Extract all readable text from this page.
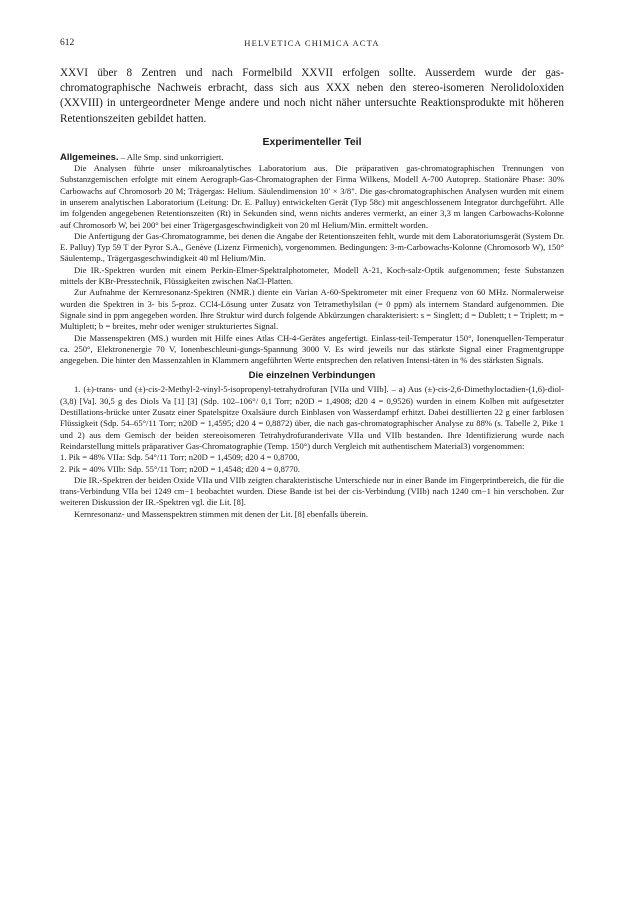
612	HELVETICA CHIMICA ACTA

XXVI über 8 Zentren und nach Formelbild XXVII erfolgen sollte. Ausserdem wurde der gas-chromatographische Nachweis erbracht, dass sich aus XXX neben den stereo-isomeren Nerolidoloxiden (XXVIII) in untergeordneter Menge andere und noch nicht näher untersuchte Reaktionsprodukte mit höheren Retentionszeiten gebildet hatten.

Experimenteller Teil

Allgemeines. – Alle Smp. sind unkorrigiert.

Die Analysen führte unser mikroanalytisches Laboratorium aus. Die präparativen gas-chromatographischen Trennungen von Substanzgemischen erfolgte mit einem Aerograph-Gas-Chromatographen der Firma Wilkens, Modell A-700 Autoprep. Stationäre Phase: 30% Carbowachs auf Chromosorb 20 M; Trägergas: Helium. Säulendimension 10' × 3/8". Die gas-chromatographischen Analysen wurden mit einem in unserem analytischen Laboratorium (Leitung: Dr. E. Palluy) entwickelten Gerät (Typ 58c) mit angeschlossenem Integrator durchgeführt. Alle im folgenden angegebenen Retentionszeiten (Rt) in Sekunden sind, wenn nichts anderes vermerkt, an einer 3,3 m langen Carbowachs-Kolonne auf Chromosorb W, bei 200° bei einer Trägergasgeschwindigkeit von 20 ml Helium/Min. ermittelt worden.

Die Anfertigung der Gas-Chromatogramme, bei denen die Angabe der Retentionszeiten fehlt, wurde mit dem Laboratoriumsgerät (System Dr. E. Palluy) Typ 59 T der Pyror S.A., Genève (Lizenz Firmenich), vorgenommen. Bedingungen: 3-m-Carbowachs-Kolonne (Chromosorb W), 150° Säulentemp., Trägergasgeschwindigkeit 40 ml Helium/Min.

Die IR.-Spektren wurden mit einem Perkin-Elmer-Spektralphotometer, Modell A-21, Koch-salz-Optik aufgenommen; feste Substanzen mittels der KBr-Presstechnik, Flüssigkeiten zwischen NaCl-Platten.

Zur Aufnahme der Kernresonanz-Spektren (NMR.) diente ein Varian A-60-Spektrometer mit einer Frequenz von 60 MHz. Normalerweise wurden die Spektren in 3- bis 5-proz. CCl4-Lösung unter Zusatz von Tetramethylsilan (= 0 ppm) als internem Standard aufgenommen. Die Signale sind in ppm angegeben worden. Ihre Struktur wird durch folgende Abkürzungen charakterisiert: s = Singlett; d = Dublett; t = Triplett; m = Multiplett; b = breites, mehr oder weniger strukturiertes Signal.

Die Massenspektren (MS.) wurden mit Hilfe eines Atlas CH-4-Gerätes angefertigt. Einlass-teil-Temperatur 150°, Ionenquellen-Temperatur ca. 250°, Elektronenergie 70 V, Ionenbeschleuni-gungs-Spannung 3000 V. Es wird jeweils nur das stärkste Signal einer Fragmentgruppe angegeben. Die hinter den Massenzahlen in Klammern angeführten Werte entsprechen den relativen Intensi-täten in % des stärksten Signals.

Die einzelnen Verbindungen

1. (±)-trans- und (±)-cis-2-Methyl-2-vinyl-5-isopropenyl-tetrahydrofuran [VIIa und VIIb]. – a) Aus (±)-cis-2,6-Dimethyloctadien-(1,6)-diol-(3,8) [Va]. 30,5 g des Diols Va [1] [3] (Sdp. 102–106°/ 0,1 Torr; n20D = 1,4908; d20 4 = 0,9526) wurden in einem Kolben mit aufgesetzter Destillations-brücke unter Zusatz einer Spatelspitze Oxalsäure durch Einblasen von Wasserdampf erhitzt. Dabei destillierten 22 g einer farblosen Flüssigkeit (Sdp. 54–65°/11 Torr; n20D = 1,4595; d20 4 = 0,8872) über, die nach gas-chromatographischer Analyse zu 88% (s. Tabelle 2, Pike 1 und 2) aus dem Gemisch der beiden stereoisomeren Tetrahydrofuranderivate VIIa und VIIb bestanden. Ihre Identifizierung wurde nach Reindarstellung mittels präparativer Gas-Chromatographie (Temp. 150°) durch Vergleich mit authentischem Material3) vorgenommen:

1. Pik = 48% VIIa: Sdp. 54°/11 Torr; n20D = 1,4509; d20 4 = 0,8700,

2. Pik = 40% VIIb: Sdp. 55°/11 Torr; n20D = 1,4548; d20 4 = 0,8770.

Die IR.-Spektren der beiden Oxide VIIa und VIIb zeigten charakteristische Unterschiede nur in einer Bande im Fingerprintbereich, die für die trans-Verbindung VIIa bei 1249 cm−1 beobachtet wurden. Diese Bande ist bei der cis-Verbindung (VIIb) nach 1240 cm−1 hin verschoben. Zur weiteren Diskussion der IR.-Spektren vgl. die Lit. [8].

Kernresonanz- und Massenspektren stimmen mit denen der Lit. [8] ebenfalls überein.
